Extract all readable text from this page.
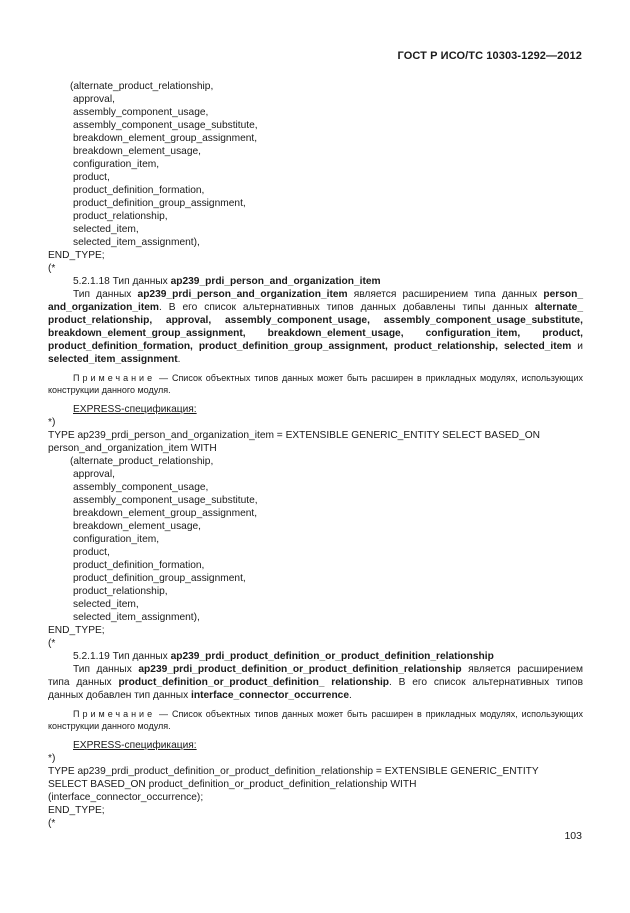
ГОСТ Р ИСО/ТС 10303-1292—2012
(alternate_product_relationship,
approval,
assembly_component_usage,
assembly_component_usage_substitute,
breakdown_element_group_assignment,
breakdown_element_usage,
configuration_item,
product,
product_definition_formation,
product_definition_group_assignment,
product_relationship,
selected_item,
selected_item_assignment),
END_TYPE;
(*
5.2.1.18 Тип данных ap239_prdi_person_and_organization_item
Тип данных ap239_prdi_person_and_organization_item является расширением типа данных person_ and_organization_item. В его список альтернативных типов данных добавлены типы данных alternate_ product_relationship, approval, assembly_component_usage, assembly_component_usage_substitute, breakdown_element_group_assignment, breakdown_element_usage, configuration_item, product, product_definition_formation, product_definition_group_assignment, product_relationship, selected_item и selected_item_assignment.
Примечание — Список объектных типов данных может быть расширен в прикладных модулях, использующих конструкции данного модуля.
EXPRESS-спецификация:
*)
TYPE ap239_prdi_person_and_organization_item = EXTENSIBLE GENERIC_ENTITY SELECT BASED_ON
person_and_organization_item WITH
(alternate_product_relationship,
approval,
assembly_component_usage,
assembly_component_usage_substitute,
breakdown_element_group_assignment,
breakdown_element_usage,
configuration_item,
product,
product_definition_formation,
product_definition_group_assignment,
product_relationship,
selected_item,
selected_item_assignment),
END_TYPE;
(*
5.2.1.19 Тип данных ap239_prdi_product_definition_or_product_definition_relationship
Тип данных ap239_prdi_product_definition_or_product_definition_relationship является расширением типа данных product_definition_or_product_definition_ relationship. В его список альтернативных типов данных добавлен тип данных interface_connector_occurrence.
Примечание — Список объектных типов данных может быть расширен в прикладных модулях, использующих конструкции данного модуля.
EXPRESS-спецификация:
*)
TYPE ap239_prdi_product_definition_or_product_definition_relationship = EXTENSIBLE GENERIC_ENTITY
SELECT BASED_ON product_definition_or_product_definition_relationship WITH
(interface_connector_occurrence);
END_TYPE;
(*
103
